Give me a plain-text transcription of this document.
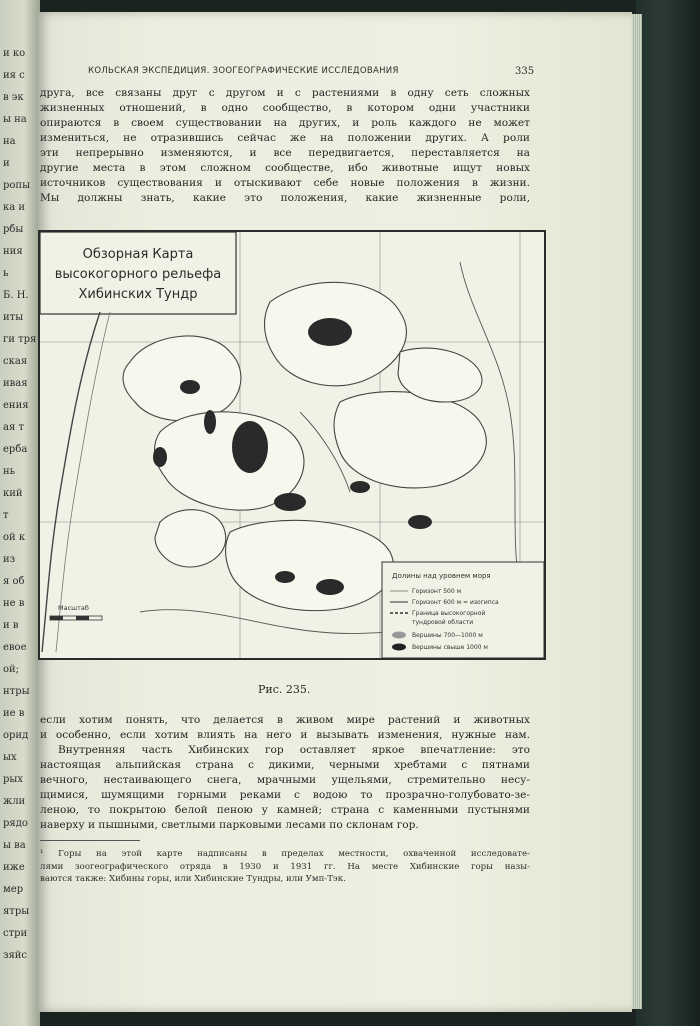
и ко
ия с
в эк
ы на
на
и
ропы
ка и
рбы
ния
ь
Б. Н.
иты
ги тря
ская
ивая
ения
ая т
ерба
нь
кий
т
ой к
из
я об
не в
и в
евое
ой;
нтры
ие в
орид
ых
рых
жли
рядо
ы ва
иже
мер
ятры
стри
зяйс
КОЛЬСКАЯ ЭКСПЕДИЦИЯ. ЗООГЕОГРАФИЧЕСКИЕ ИССЛЕДОВАНИЯ	335
друга, все связаны друг с другом и с растениями в одну сеть сложных
жизненных отношений, в одно сообщество, в котором одни участники
опираются в своем существовании на других, и роль каждого не может
измениться, не отразившись сейчас же на положении других. А роли
эти непрерывно изменяются, и все передвигается, переставляется на
другие места в этом сложном сообществе, ибо животные ищут новых
источников существования и отыскивают себе новые положения в жизни.
Мы должны знать, какие это положения, какие жизненные роли,
Обзорная Карта
высокогорного рельефа
Хибинских Тундр
Долины над уровнем моря
Горизонт 500 м
Горизонт 600 м = изогипса
Граница высокогорной
тундровой области
Вершины 700—1000 м
Вершины свыше 1000 м
Масштаб
Рис. 235.
если хотим понять, что делается в живом мире растений и животных
и особенно, если хотим влиять на него и вызывать изменения, нужные нам.
Внутренняя часть Хибинских гор оставляет яркое впечатление: это
настоящая альпийская страна с дикими, черными хребтами с пятнами
вечного, нестаивающего снега, мрачными ущельями, стремительно несу-
щимися, шумящими горными реками с водою то прозрачно-голубовато-зе-
леною, то покрытою белой пеною у камней; страна с каменными пустынями
наверху и пышными, светлыми парковыми лесами по склонам гор.
¹ Горы на этой карте надписаны в пределах местности, охваченной исследовате-
лями зоогеографического отряда в 1930 и 1931 гг. На месте Хибинские горы назы-
ваются также: Хибины горы, или Хибинские Тундры, или Умп-Тэк.
